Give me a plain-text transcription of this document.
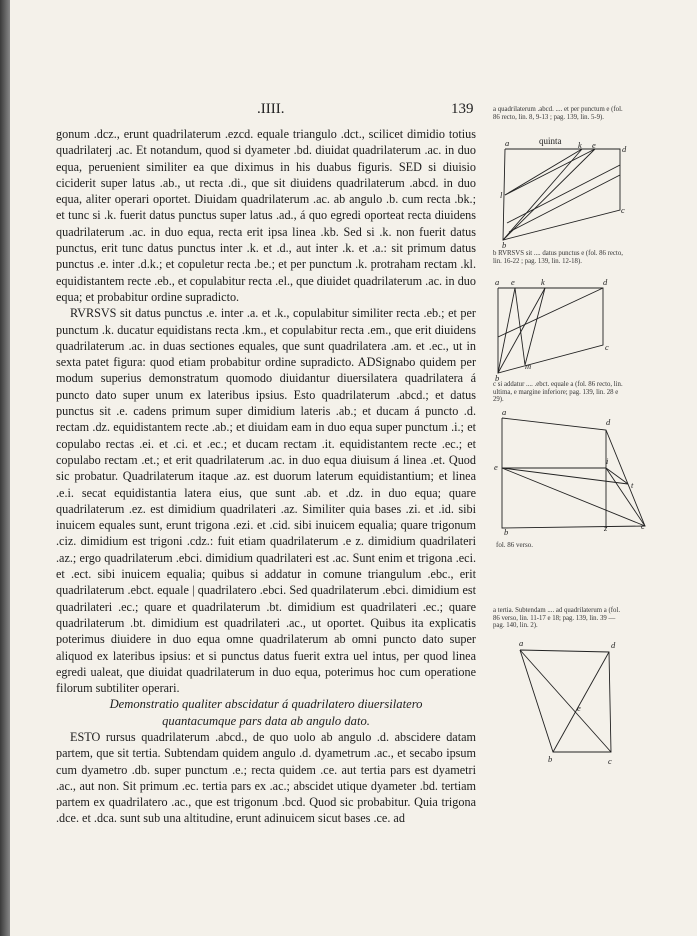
.IIII.	139

gonum .dcz., erunt quadrilaterum .ezcd. equale triangulo .dct., scilicet dimidio totius quadrilaterj .ac. Et notandum, quod si dyameter .bd. diuidat quadrilaterum .ac. in duo equa, peruenient similiter ea que diximus in his duabus figuris. SED si diuisio ciciderit super latus .ab., ut recta .di., que sit diuidens quadrilaterum .abcd. in duo equa, aliter operari oportet. Diuidam quadrilaterum .ac. ab angulo .b. cum recta .bk.; et tunc si .k. fuerit datus punctus super latus .ad., á quo egredi oporteat recta diuidens quadrilaterum .ac. in duo equa, recta erit ipsa linea .kb. Sed si .k. non fuerit datus punctus, erit tunc datus punctus inter .k. et .d., aut inter .k. et .a.: sit primum datus punctus .e. inter .d.k.; et copuletur recta .be.; et per punctum .k. protraham rectam .kl. equidistantem recte .eb., et copulabitur recta .el., que diuidet quadrilaterum .ac. in duo equa; et probabitur ordine supradicto.

RVRSVS sit datus punctus .e. inter .a. et .k., copulabitur similiter recta .eb.; et per punctum .k. ducatur equidistans recta .km., et copulabitur recta .em., que erit diuidens quadrilaterum .ac. in duas sectiones equales, que sunt quadrilatera .am. et .ec., ut in sexta patet figura: quod etiam probabitur ordine supradicto. ADSignabo quidem per modum superius demonstratum quomodo diuidantur diuersilatera quadrilatera á puncto dato super unum ex lateribus ipsius. Esto quadrilaterum .abcd.; et datus punctus sit .e. cadens primum super dimidium lateris .ab.; et ducam á puncto .d. rectam .dz. equidistantem recte .ab.; et diuidam eam in duo equa super punctum .i.; et copulabo rectas .ei. et .ci. et .ec.; et ducam rectam .it. equidistantem recte .ec.; et copulabo rectam .et.; et erit quadrilaterum .ac. in duo equa diuisum á linea .et. Quod sic probatur. Quadrilaterum itaque .az. est duorum laterum equidistantium; et linea .e.i. secat equidistantia latera eius, que sunt .ab. et .dz. in duo equa; quare quadrilaterum .ez. est dimidium quadrilateri .az. Similiter quia bases .zi. et .id. sibi inuicem equales sunt, erunt trigona .ezi. et .cid. sibi inuicem equalia; quare trigonum .ciz. dimidium est trigoni .cdz.: fuit etiam quadrilaterum .e z. dimidium quadrilateri .az.; ergo quadrilaterum .ebci. dimidium quadrilateri est .ac. Sunt enim et trigona .eci. et .ect. sibi inuicem equalia; quibus si addatur in comune triangulum .ebc., erit quadrilaterum .ebct. equale | quadrilatero .ebci. Sed quadrilaterum .ebci. dimidium est quadrilateri .ec.; quare et quadrilaterum .bt. dimidium est quadrilateri .ec.; quare quadrilaterum .bt. dimidium est quadrilateri .ac., ut oportet. Quibus ita explicatis poterimus diuidere in duo equa omne quadrilaterum ab omni puncto dato super aliquod ex lateribus ipsius: et si punctus datus fuerit extra uel intus, per quod linea egredi ualeat, que diuidat quadrilaterum in duo equa, poterimus hoc cum operatione filorum subtiliter operari.

Demonstratio qualiter abscidatur á quadrilatero diuersilatero

quantacumque pars data ab angulo dato.

ESTO rursus quadrilaterum .abcd., de quo uolo ab angulo .d. abscidere datam partem, que sit tertia. Subtendam quidem angulo .d. dyametrum .ac., et secabo ipsum cum dyametro .db. super punctum .e.; recta quidem .ce. aut tertia pars est dyametri .ac., aut non. Sit primum .ec. tertia pars ex .ac.; abscidet utique dyameter .bd. tertiam partem ex quadrilatero .ac., que est trigonum .bcd. Quod sic probabitur. Quia trigona .dce. et .dca. sunt sub una altitudine, erunt adinuicem sicut bases .ce. ad

a quadrilaterum .abcd. .... et per punctum e (fol. 86 recto, lin. 8, 9-13 ; pag. 139, lin. 5-9).
b RVRSVS sit .... datus punctus e (fol. 86 recto, lin. 16-22 ; pag. 139, lin. 12-18).
c si addatur .... .ebct. equale a (fol. 86 recto, lin. ultima, e margine inferiore; pag. 139, lin. 28 e 29).
a tertia. Subtendam .... ad quadrilaterum a (fol. 86 verso, lin. 11-17 e 18; pag. 139, lin. 39 — pag. 140, lin. 2).
quinta
a	k e	d
l
b
c
a e	k	d
c
m
b
a
d
e
i
t
b	z	c
fol. 86 verso.
a	d
e
b	c
